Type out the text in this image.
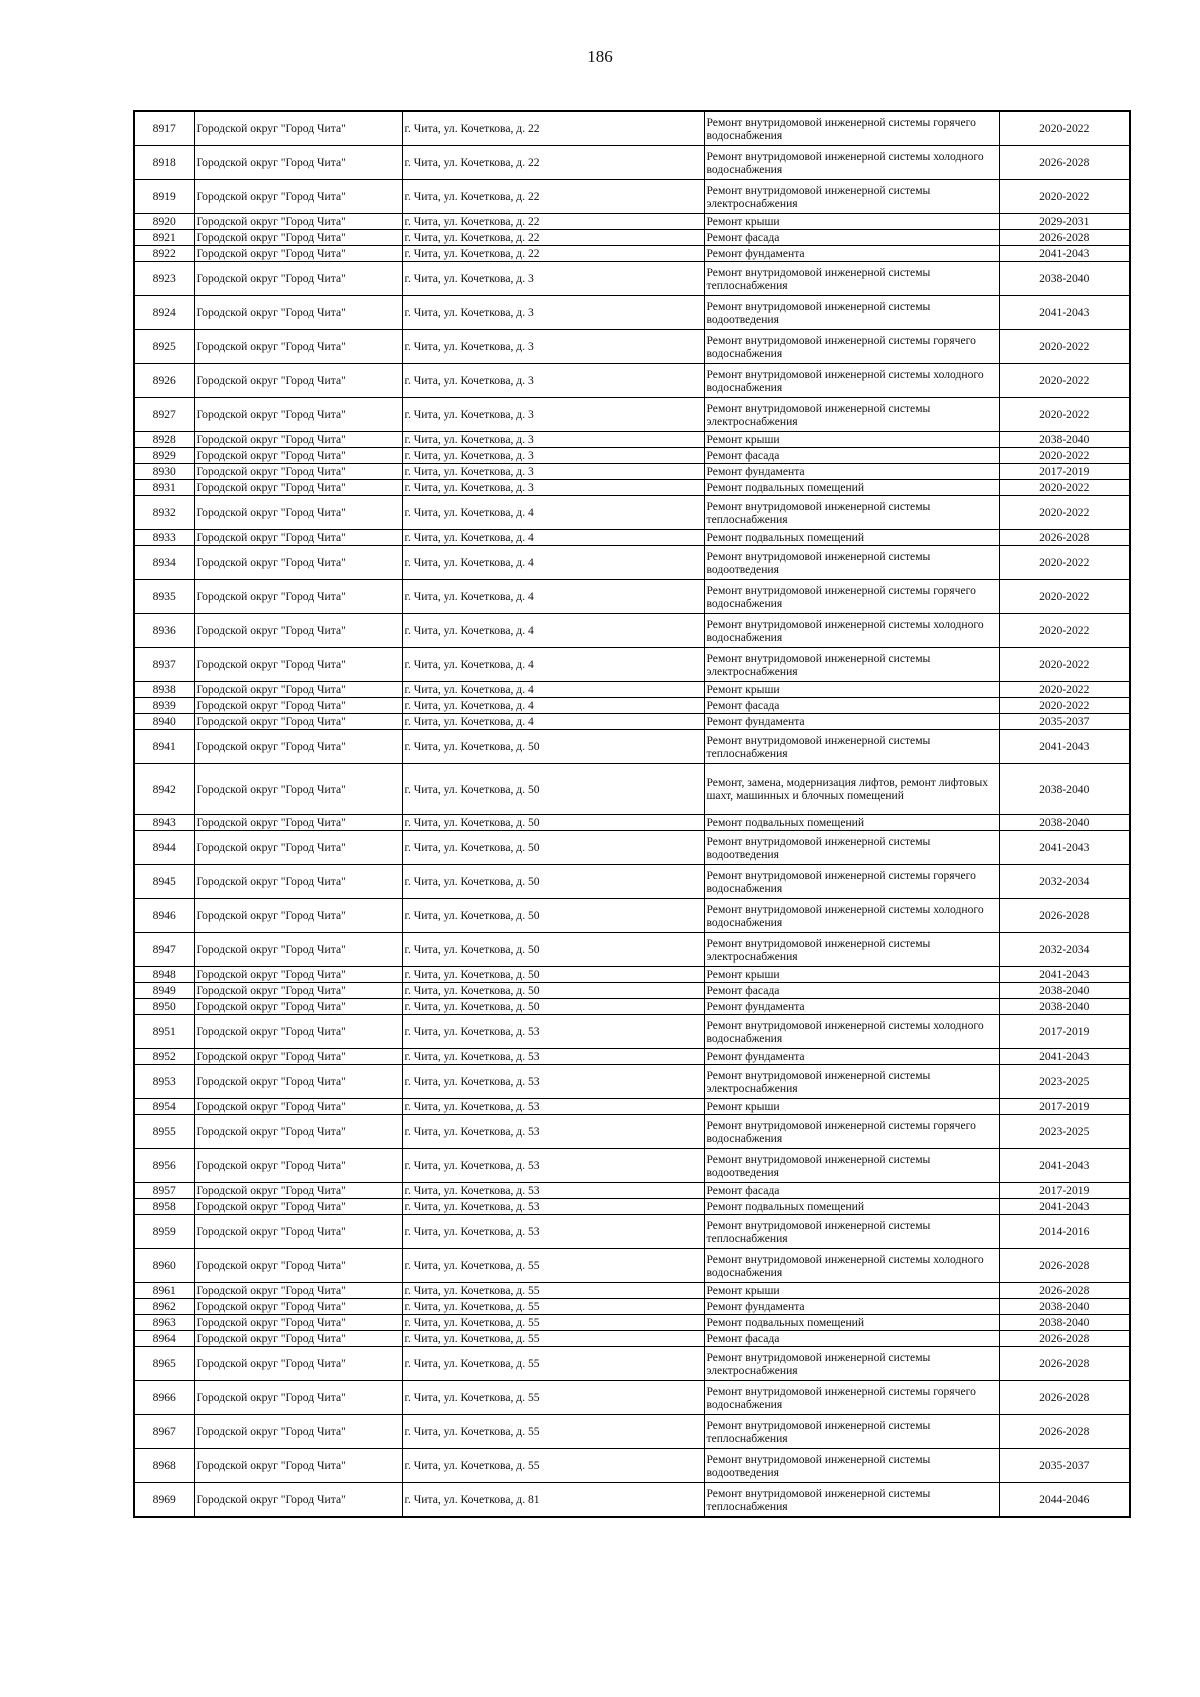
186
8917	Городской округ "Город Чита"	г. Чита, ул. Кочеткова, д. 22	Ремонт внутридомовой инженерной системы горячего водоснабжения	2020-2022
8918	Городской округ "Город Чита"	г. Чита, ул. Кочеткова, д. 22	Ремонт внутридомовой инженерной системы холодного водоснабжения	2026-2028
8919	Городской округ "Город Чита"	г. Чита, ул. Кочеткова, д. 22	Ремонт внутридомовой инженерной системы электроснабжения	2020-2022
8920	Городской округ "Город Чита"	г. Чита, ул. Кочеткова, д. 22	Ремонт крыши	2029-2031
8921	Городской округ "Город Чита"	г. Чита, ул. Кочеткова, д. 22	Ремонт фасада	2026-2028
8922	Городской округ "Город Чита"	г. Чита, ул. Кочеткова, д. 22	Ремонт фундамента	2041-2043
8923	Городской округ "Город Чита"	г. Чита, ул. Кочеткова, д. 3	Ремонт внутридомовой инженерной системы теплоснабжения	2038-2040
8924	Городской округ "Город Чита"	г. Чита, ул. Кочеткова, д. 3	Ремонт внутридомовой инженерной системы водоотведения	2041-2043
8925	Городской округ "Город Чита"	г. Чита, ул. Кочеткова, д. 3	Ремонт внутридомовой инженерной системы горячего водоснабжения	2020-2022
8926	Городской округ "Город Чита"	г. Чита, ул. Кочеткова, д. 3	Ремонт внутридомовой инженерной системы холодного водоснабжения	2020-2022
8927	Городской округ "Город Чита"	г. Чита, ул. Кочеткова, д. 3	Ремонт внутридомовой инженерной системы электроснабжения	2020-2022
8928	Городской округ "Город Чита"	г. Чита, ул. Кочеткова, д. 3	Ремонт крыши	2038-2040
8929	Городской округ "Город Чита"	г. Чита, ул. Кочеткова, д. 3	Ремонт фасада	2020-2022
8930	Городской округ "Город Чита"	г. Чита, ул. Кочеткова, д. 3	Ремонт фундамента	2017-2019
8931	Городской округ "Город Чита"	г. Чита, ул. Кочеткова, д. 3	Ремонт подвальных помещений	2020-2022
8932	Городской округ "Город Чита"	г. Чита, ул. Кочеткова, д. 4	Ремонт внутридомовой инженерной системы теплоснабжения	2020-2022
8933	Городской округ "Город Чита"	г. Чита, ул. Кочеткова, д. 4	Ремонт подвальных помещений	2026-2028
8934	Городской округ "Город Чита"	г. Чита, ул. Кочеткова, д. 4	Ремонт внутридомовой инженерной системы водоотведения	2020-2022
8935	Городской округ "Город Чита"	г. Чита, ул. Кочеткова, д. 4	Ремонт внутридомовой инженерной системы горячего водоснабжения	2020-2022
8936	Городской округ "Город Чита"	г. Чита, ул. Кочеткова, д. 4	Ремонт внутридомовой инженерной системы холодного водоснабжения	2020-2022
8937	Городской округ "Город Чита"	г. Чита, ул. Кочеткова, д. 4	Ремонт внутридомовой инженерной системы электроснабжения	2020-2022
8938	Городской округ "Город Чита"	г. Чита, ул. Кочеткова, д. 4	Ремонт крыши	2020-2022
8939	Городской округ "Город Чита"	г. Чита, ул. Кочеткова, д. 4	Ремонт фасада	2020-2022
8940	Городской округ "Город Чита"	г. Чита, ул. Кочеткова, д. 4	Ремонт фундамента	2035-2037
8941	Городской округ "Город Чита"	г. Чита, ул. Кочеткова, д. 50	Ремонт внутридомовой инженерной системы теплоснабжения	2041-2043
8942	Городской округ "Город Чита"	г. Чита, ул. Кочеткова, д. 50	Ремонт, замена, модернизация лифтов, ремонт лифтовых шахт, машинных и блочных помещений	2038-2040
8943	Городской округ "Город Чита"	г. Чита, ул. Кочеткова, д. 50	Ремонт подвальных помещений	2038-2040
8944	Городской округ "Город Чита"	г. Чита, ул. Кочеткова, д. 50	Ремонт внутридомовой инженерной системы водоотведения	2041-2043
8945	Городской округ "Город Чита"	г. Чита, ул. Кочеткова, д. 50	Ремонт внутридомовой инженерной системы горячего водоснабжения	2032-2034
8946	Городской округ "Город Чита"	г. Чита, ул. Кочеткова, д. 50	Ремонт внутридомовой инженерной системы холодного водоснабжения	2026-2028
8947	Городской округ "Город Чита"	г. Чита, ул. Кочеткова, д. 50	Ремонт внутридомовой инженерной системы электроснабжения	2032-2034
8948	Городской округ "Город Чита"	г. Чита, ул. Кочеткова, д. 50	Ремонт крыши	2041-2043
8949	Городской округ "Город Чита"	г. Чита, ул. Кочеткова, д. 50	Ремонт фасада	2038-2040
8950	Городской округ "Город Чита"	г. Чита, ул. Кочеткова, д. 50	Ремонт фундамента	2038-2040
8951	Городской округ "Город Чита"	г. Чита, ул. Кочеткова, д. 53	Ремонт внутридомовой инженерной системы холодного водоснабжения	2017-2019
8952	Городской округ "Город Чита"	г. Чита, ул. Кочеткова, д. 53	Ремонт фундамента	2041-2043
8953	Городской округ "Город Чита"	г. Чита, ул. Кочеткова, д. 53	Ремонт внутридомовой инженерной системы электроснабжения	2023-2025
8954	Городской округ "Город Чита"	г. Чита, ул. Кочеткова, д. 53	Ремонт крыши	2017-2019
8955	Городской округ "Город Чита"	г. Чита, ул. Кочеткова, д. 53	Ремонт внутридомовой инженерной системы горячего водоснабжения	2023-2025
8956	Городской округ "Город Чита"	г. Чита, ул. Кочеткова, д. 53	Ремонт внутридомовой инженерной системы водоотведения	2041-2043
8957	Городской округ "Город Чита"	г. Чита, ул. Кочеткова, д. 53	Ремонт фасада	2017-2019
8958	Городской округ "Город Чита"	г. Чита, ул. Кочеткова, д. 53	Ремонт подвальных помещений	2041-2043
8959	Городской округ "Город Чита"	г. Чита, ул. Кочеткова, д. 53	Ремонт внутридомовой инженерной системы теплоснабжения	2014-2016
8960	Городской округ "Город Чита"	г. Чита, ул. Кочеткова, д. 55	Ремонт внутридомовой инженерной системы холодного водоснабжения	2026-2028
8961	Городской округ "Город Чита"	г. Чита, ул. Кочеткова, д. 55	Ремонт крыши	2026-2028
8962	Городской округ "Город Чита"	г. Чита, ул. Кочеткова, д. 55	Ремонт фундамента	2038-2040
8963	Городской округ "Город Чита"	г. Чита, ул. Кочеткова, д. 55	Ремонт подвальных помещений	2038-2040
8964	Городской округ "Город Чита"	г. Чита, ул. Кочеткова, д. 55	Ремонт фасада	2026-2028
8965	Городской округ "Город Чита"	г. Чита, ул. Кочеткова, д. 55	Ремонт внутридомовой инженерной системы электроснабжения	2026-2028
8966	Городской округ "Город Чита"	г. Чита, ул. Кочеткова, д. 55	Ремонт внутридомовой инженерной системы горячего водоснабжения	2026-2028
8967	Городской округ "Город Чита"	г. Чита, ул. Кочеткова, д. 55	Ремонт внутридомовой инженерной системы теплоснабжения	2026-2028
8968	Городской округ "Город Чита"	г. Чита, ул. Кочеткова, д. 55	Ремонт внутридомовой инженерной системы водоотведения	2035-2037
8969	Городской округ "Город Чита"	г. Чита, ул. Кочеткова, д. 81	Ремонт внутридомовой инженерной системы теплоснабжения	2044-2046
